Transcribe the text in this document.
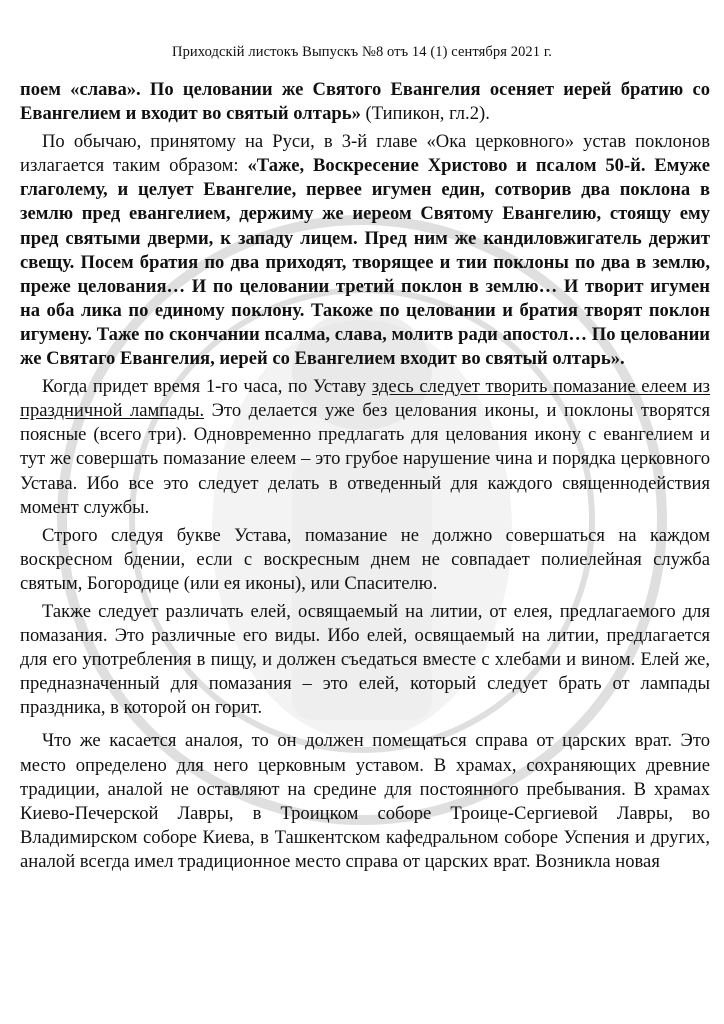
Приходскiй листокъ Выпускъ №8 отъ 14 (1) сентября 2021 г.

поем «слава». По целовании же Святого Евангелия осеняет иерей братию со Евангелием и входит во святый олтарь» (Типикон, гл.2).

По обычаю, принятому на Руси, в 3-й главе «Ока церковного» устав поклонов излагается таким образом: «Таже, Воскресение Христово и псалом 50-й. Емуже глаголему, и целует Евангелие, первее игумен един, сотворив два поклона в землю пред евангелием, держиму же иереом Святому Евангелию, стоящу ему пред святыми дверми, к западу лицем. Пред ним же кандиловжигатель держит свещу. Посем братия по два приходят, творящее и тии поклоны по два в землю, преже целования… И по целовании третий поклон в землю… И творит игумен на оба лика по единому поклону. Такоже по целовании и братия творят поклон игумену. Таже по скончании псалма, слава, молитв ради апостол… По целовании же Святаго Евангелия, иерей со Евангелием входит во святый олтарь».

Когда придет время 1-го часа, по Уставу здесь следует творить помазание елеем из праздничной лампады. Это делается уже без целования иконы, и поклоны творятся поясные (всего три). Одновременно предлагать для целования икону с евангелием и тут же совершать помазание елеем – это грубое нарушение чина и порядка церковного Устава. Ибо все это следует делать в отведенный для каждого священнодействия момент службы.

Строго следуя букве Устава, помазание не должно совершаться на каждом воскресном бдении, если с воскресным днем не совпадает полиелейная служба святым, Богородице (или ея иконы), или Спасителю.

Также следует различать елей, освящаемый на литии, от елея, предлагаемого для помазания. Это различные его виды. Ибо елей, освящаемый на литии, предлагается для его употребления в пищу, и должен съедаться вместе с хлебами и вином. Елей же, предназначенный для помазания – это елей, который следует брать от лампады праздника, в которой он горит.

Что же касается аналоя, то он должен помещаться справа от царских врат. Это место определено для него церковным уставом. В храмах, сохраняющих древние традиции, аналой не оставляют на средине для постоянного пребывания. В храмах Киево-Печерской Лавры, в Троицком соборе Троице-Сергиевой Лавры, во Владимирском соборе Киева, в Ташкентском кафедральном соборе Успения и других, аналой всегда имел традиционное место справа от царских врат. Возникла новая
